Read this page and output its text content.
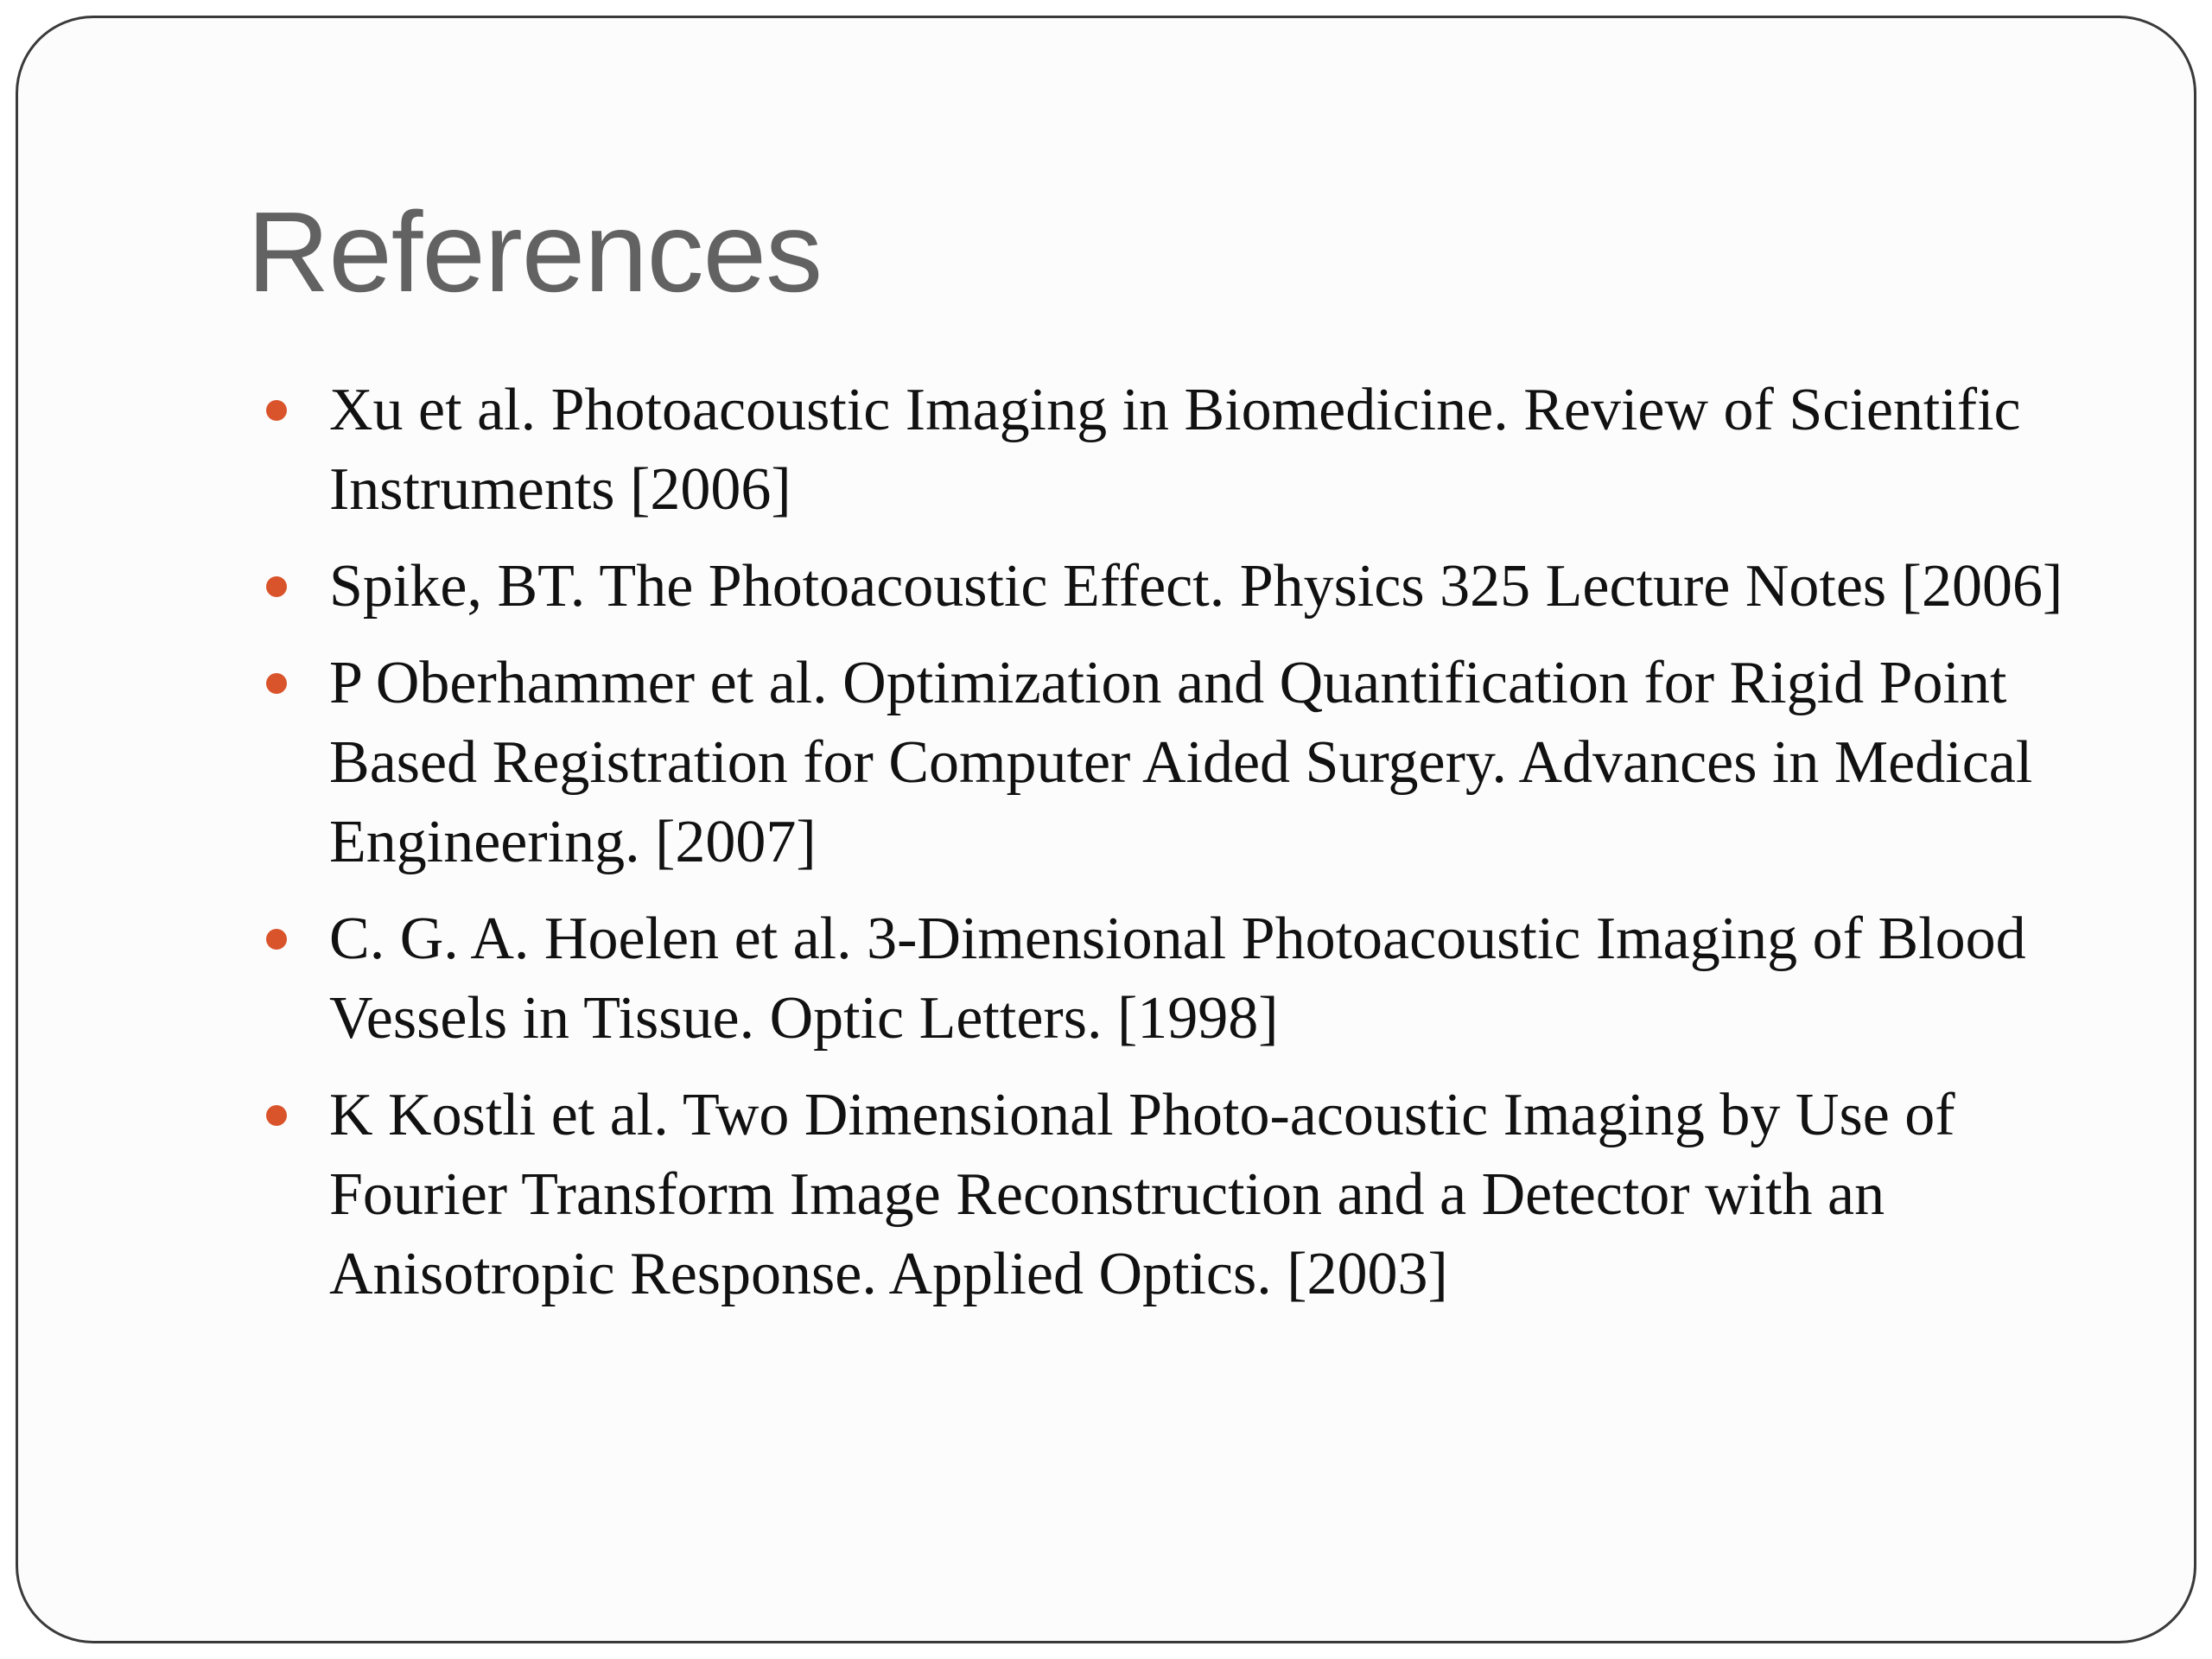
References
Xu et al. Photoacoustic Imaging in Biomedicine. Review of Scientific Instruments [2006]
Spike, BT. The Photoacoustic Effect. Physics 325 Lecture Notes [2006]
P Oberhammer et al. Optimization and Quantification for Rigid Point Based Registration for Computer Aided Surgery. Advances in Medical Engineering. [2007]
C. G. A. Hoelen et al. 3-Dimensional Photoacoustic Imaging of Blood Vessels in Tissue. Optic Letters. [1998]
K Kostli et al. Two Dimensional Photo-acoustic Imaging by Use of Fourier Transform Image Reconstruction and a Detector with an Anisotropic Response. Applied Optics. [2003]
